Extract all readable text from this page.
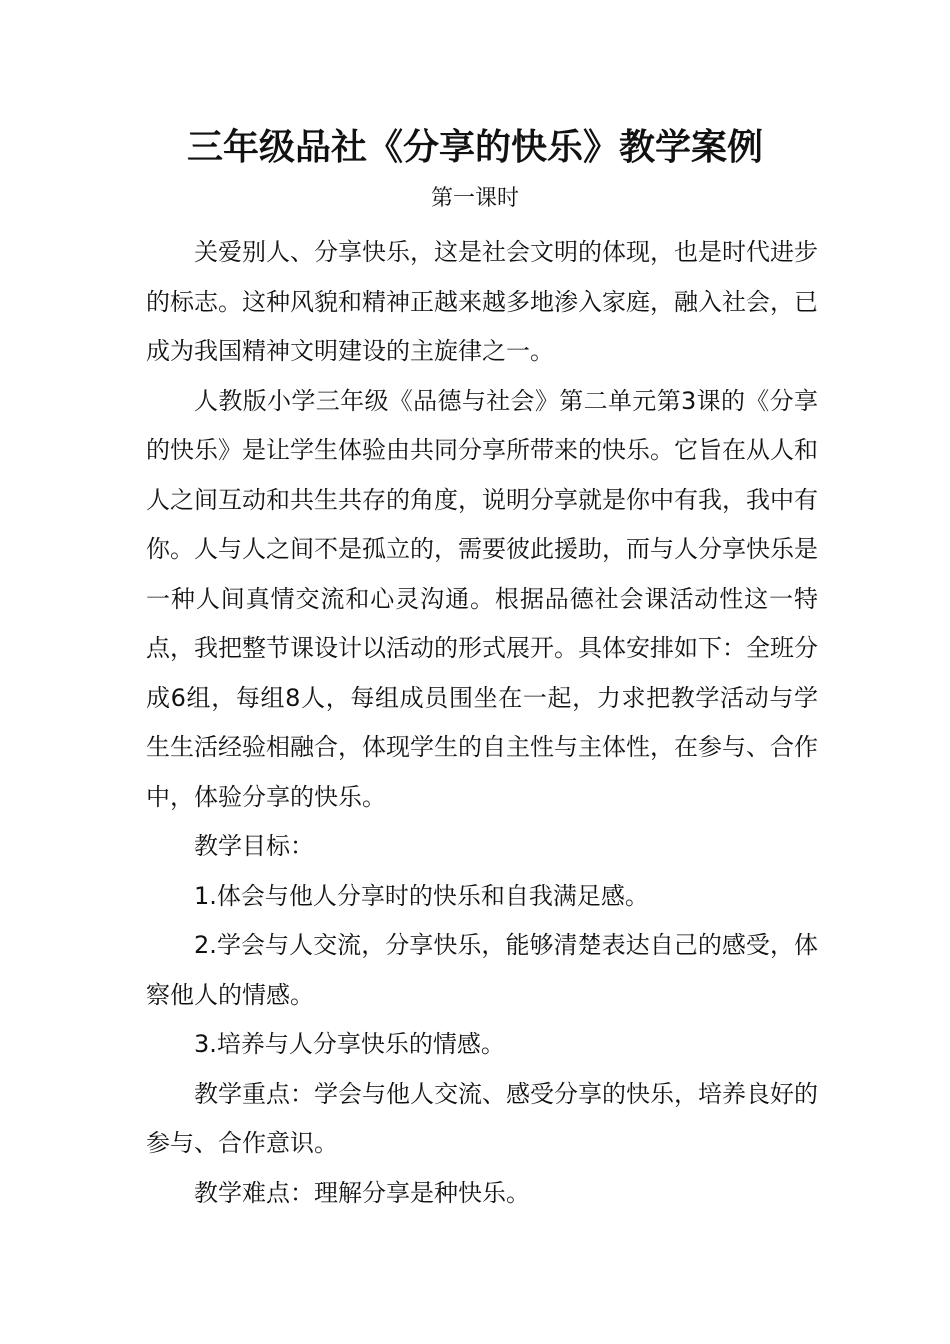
三年级品社《分享的快乐》教学案例
第一课时

关爱别人、分享快乐，这是社会文明的体现，也是时代进步的标志。这种风貌和精神正越来越多地渗入家庭，融入社会，已成为我国精神文明建设的主旋律之一。

人教版小学三年级《品德与社会》第二单元第3课的《分享的快乐》是让学生体验由共同分享所带来的快乐。它旨在从人和人之间互动和共生共存的角度，说明分享就是你中有我，我中有你。人与人之间不是孤立的，需要彼此援助，而与人分享快乐是一种人间真情交流和心灵沟通。根据品德社会课活动性这一特点，我把整节课设计以活动的形式展开。具体安排如下：全班分成6组，每组8人，每组成员围坐在一起，力求把教学活动与学生生活经验相融合，体现学生的自主性与主体性，在参与、合作中，体验分享的快乐。

教学目标：

1.体会与他人分享时的快乐和自我满足感。

2.学会与人交流，分享快乐，能够清楚表达自己的感受，体察他人的情感。

3.培养与人分享快乐的情感。

教学重点：学会与他人交流、感受分享的快乐，培养良好的参与、合作意识。

教学难点：理解分享是种快乐。
